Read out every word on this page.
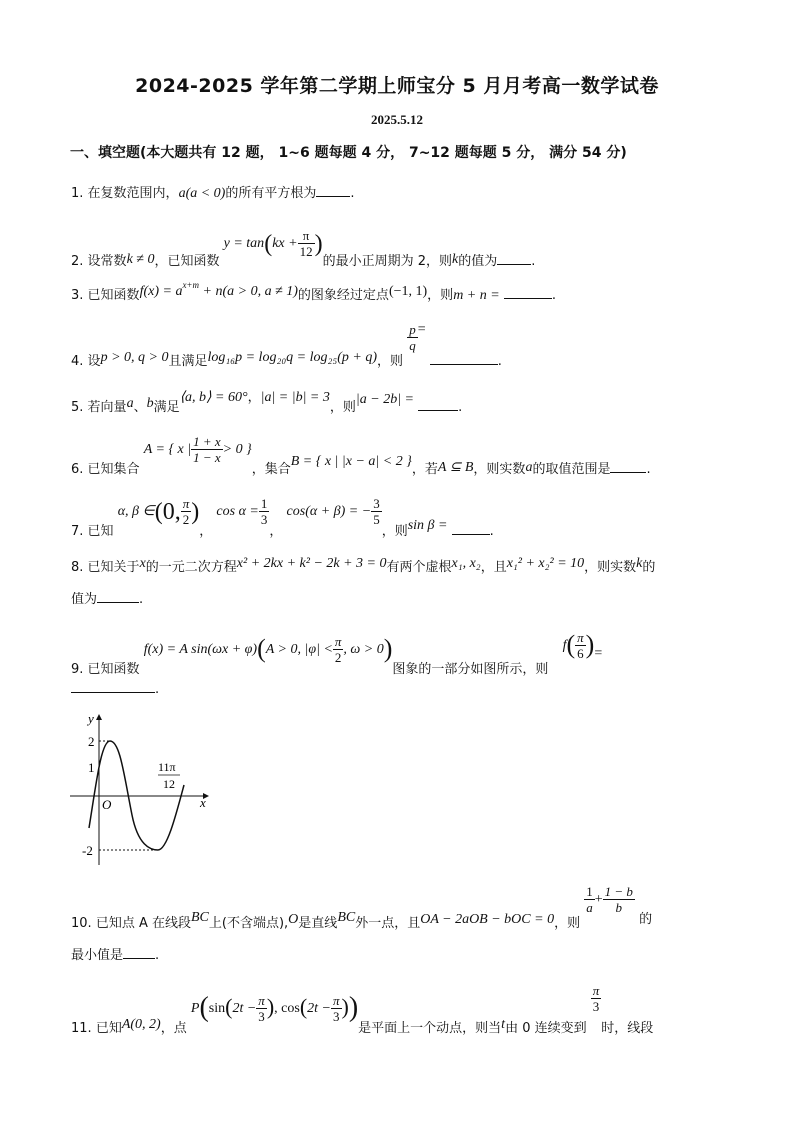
2024-2025 学年第二学期上师宝分 5 月月考高一数学试卷
2025.5.12
一、填空题(本大题共有 12 题， 1~6 题每题 4 分， 7~12 题每题 5 分， 满分 54 分)
1. 在复数范围内，a(a < 0)的所有平方根为	.
2. 设常数k ≠ 0，已知函数 $y = \tan(kx + \frac{\pi}{12}$ )的最小正周期为 2，则k的值为	.
3. 已知函数$f(x) = a^{x+m} + n(a > 0$, a ≠ 1)的图象经过定点(−1, 1)，则m + n =	.
4. 设p > 0, q > 0且满足log₁₆p = log₂₀q = log₂₅(p + q)，则
$\frac{p}{q}$ = .
5. 若向量a、b满足⟨a, b⟩ = 60°，|a| = |b| = 3，则|a − 2b| = .
6. 已知集合 A = { x | $\frac{1 + x}{1 - x} > 0$ }，集合B = { x | |x − a| < 2 }，若A ⊆ B，则实数a的取值范围是	.
7. 已知 α, β ∈(0, $\frac{\pi}{2}$ )， $\cos \alpha = \frac{1}{3}$
， cos(α + β) = − $\frac{3}{5}$
，则sin β =	.
8. 已知关于x的一元二次方程x² + 2kx + k² − 2k + 3 = 0有两个虚根x₁, x₂，且x₁² + x₂² = 10，则实数k的
值为	.
9. 已知函数 f(x) = A sin(ωx + φ)(A > 0, $|\varphi| < \frac{\pi}{2}$ , ω > 0)图象的一部分如图所示，则 $f( \frac{\pi}{6}$ )=
.
y
x
O
2
1
-2
11π
12
10. 已知点 A 在线段BC上(不含端点),O是直线BC外一点，且OA − 2aOB − bOC = 0，则
$\frac{1}{a} + \frac{1 - b}{b}$
的
最小值是 .
11. 已知A(0, 2)，点 $P(\sin(2t - \frac{\pi}{3}$ ), $\cos(2t - \frac{\pi}{3}$ ))是平面上一个动点，则当t由 0 连续变到
$\frac{\pi}{3}$
时，线段
